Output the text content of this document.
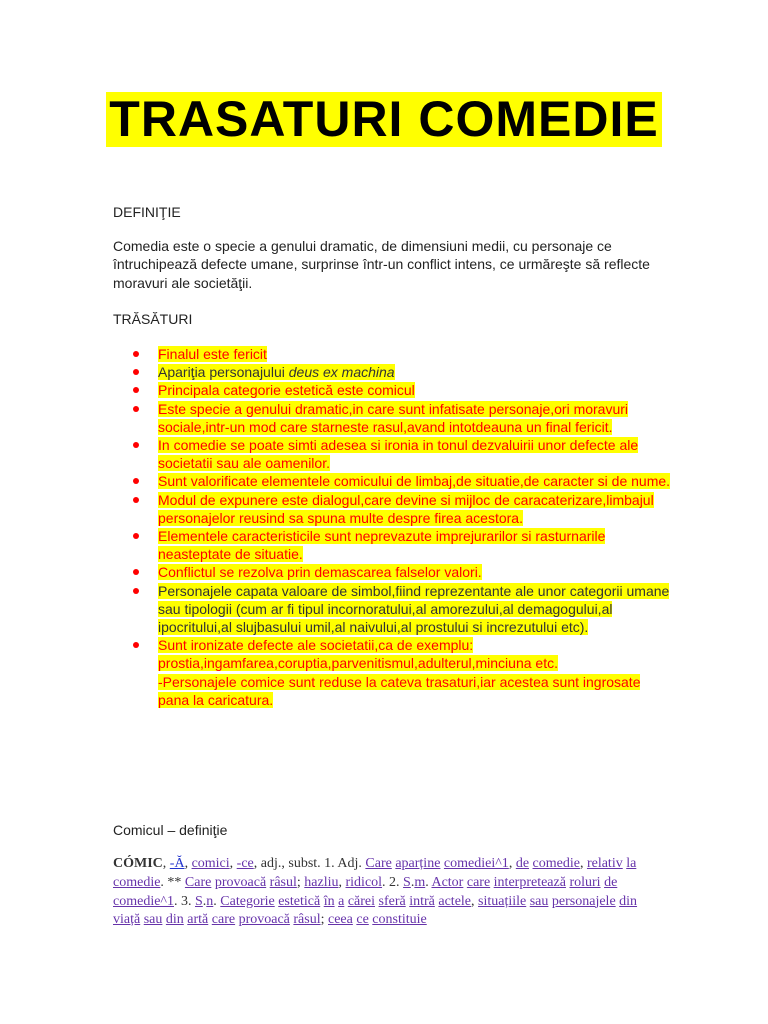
TRASATURI COMEDIE

DEFINIŢIE

Comedia este o specie a genului dramatic, de dimensiuni medii, cu personaje ce întruchipează defecte umane, surprinse într-un conflict intens, ce urmăreşte să reflecte moravuri ale societăţii.

TRĂSĂTURI

Finalul este fericit
Apariţia personajului deus ex machina
Principala categorie estetică este comicul
Este specie a genului dramatic,in care sunt infatisate personaje,ori moravuri sociale,intr-un mod care starneste rasul,avand intotdeauna un final fericit.
In comedie se poate simti adesea si ironia in tonul dezvaluirii unor defecte ale societatii sau ale oamenilor.
Sunt valorificate elementele comicului de limbaj,de situatie,de caracter si de nume.
Modul de expunere este dialogul,care devine si mijloc de caracaterizare,limbajul personajelor reusind sa spuna multe despre firea acestora.
Elementele caracteristicile sunt neprevazute imprejurarilor si rasturnarile neasteptate de situatie.
Conflictul se rezolva prin demascarea falselor valori.
Personajele capata valoare de simbol,fiind reprezentante ale unor categorii umane sau tipologii (cum ar fi tipul incornoratului,al amorezului,al demagogului,al ipocritului,al slujbasului umil,al naivului,al prostului si increzutului etc).
Sunt ironizate defecte ale societatii,ca de exemplu:
prostia,ingamfarea,coruptia,parvenitismul,adulterul,minciuna etc.
-Personajele comice sunt reduse la cateva trasaturi,iar acestea sunt ingrosate pana la caricatura.

Comicul – definiţie

CÓMIC, -Ă, comici, -ce, adj., subst. 1. Adj. Care aparține comediei^1, de comedie, relativ la comedie. ** Care provoacă râsul; hazliu, ridicol. 2. S.m. Actor care interpretează roluri de comedie^1. 3. S.n. Categorie estetică în a cărei sferă intră actele, situațiile sau personajele din viață sau din artă care provoacă râsul; ceea ce constituie
